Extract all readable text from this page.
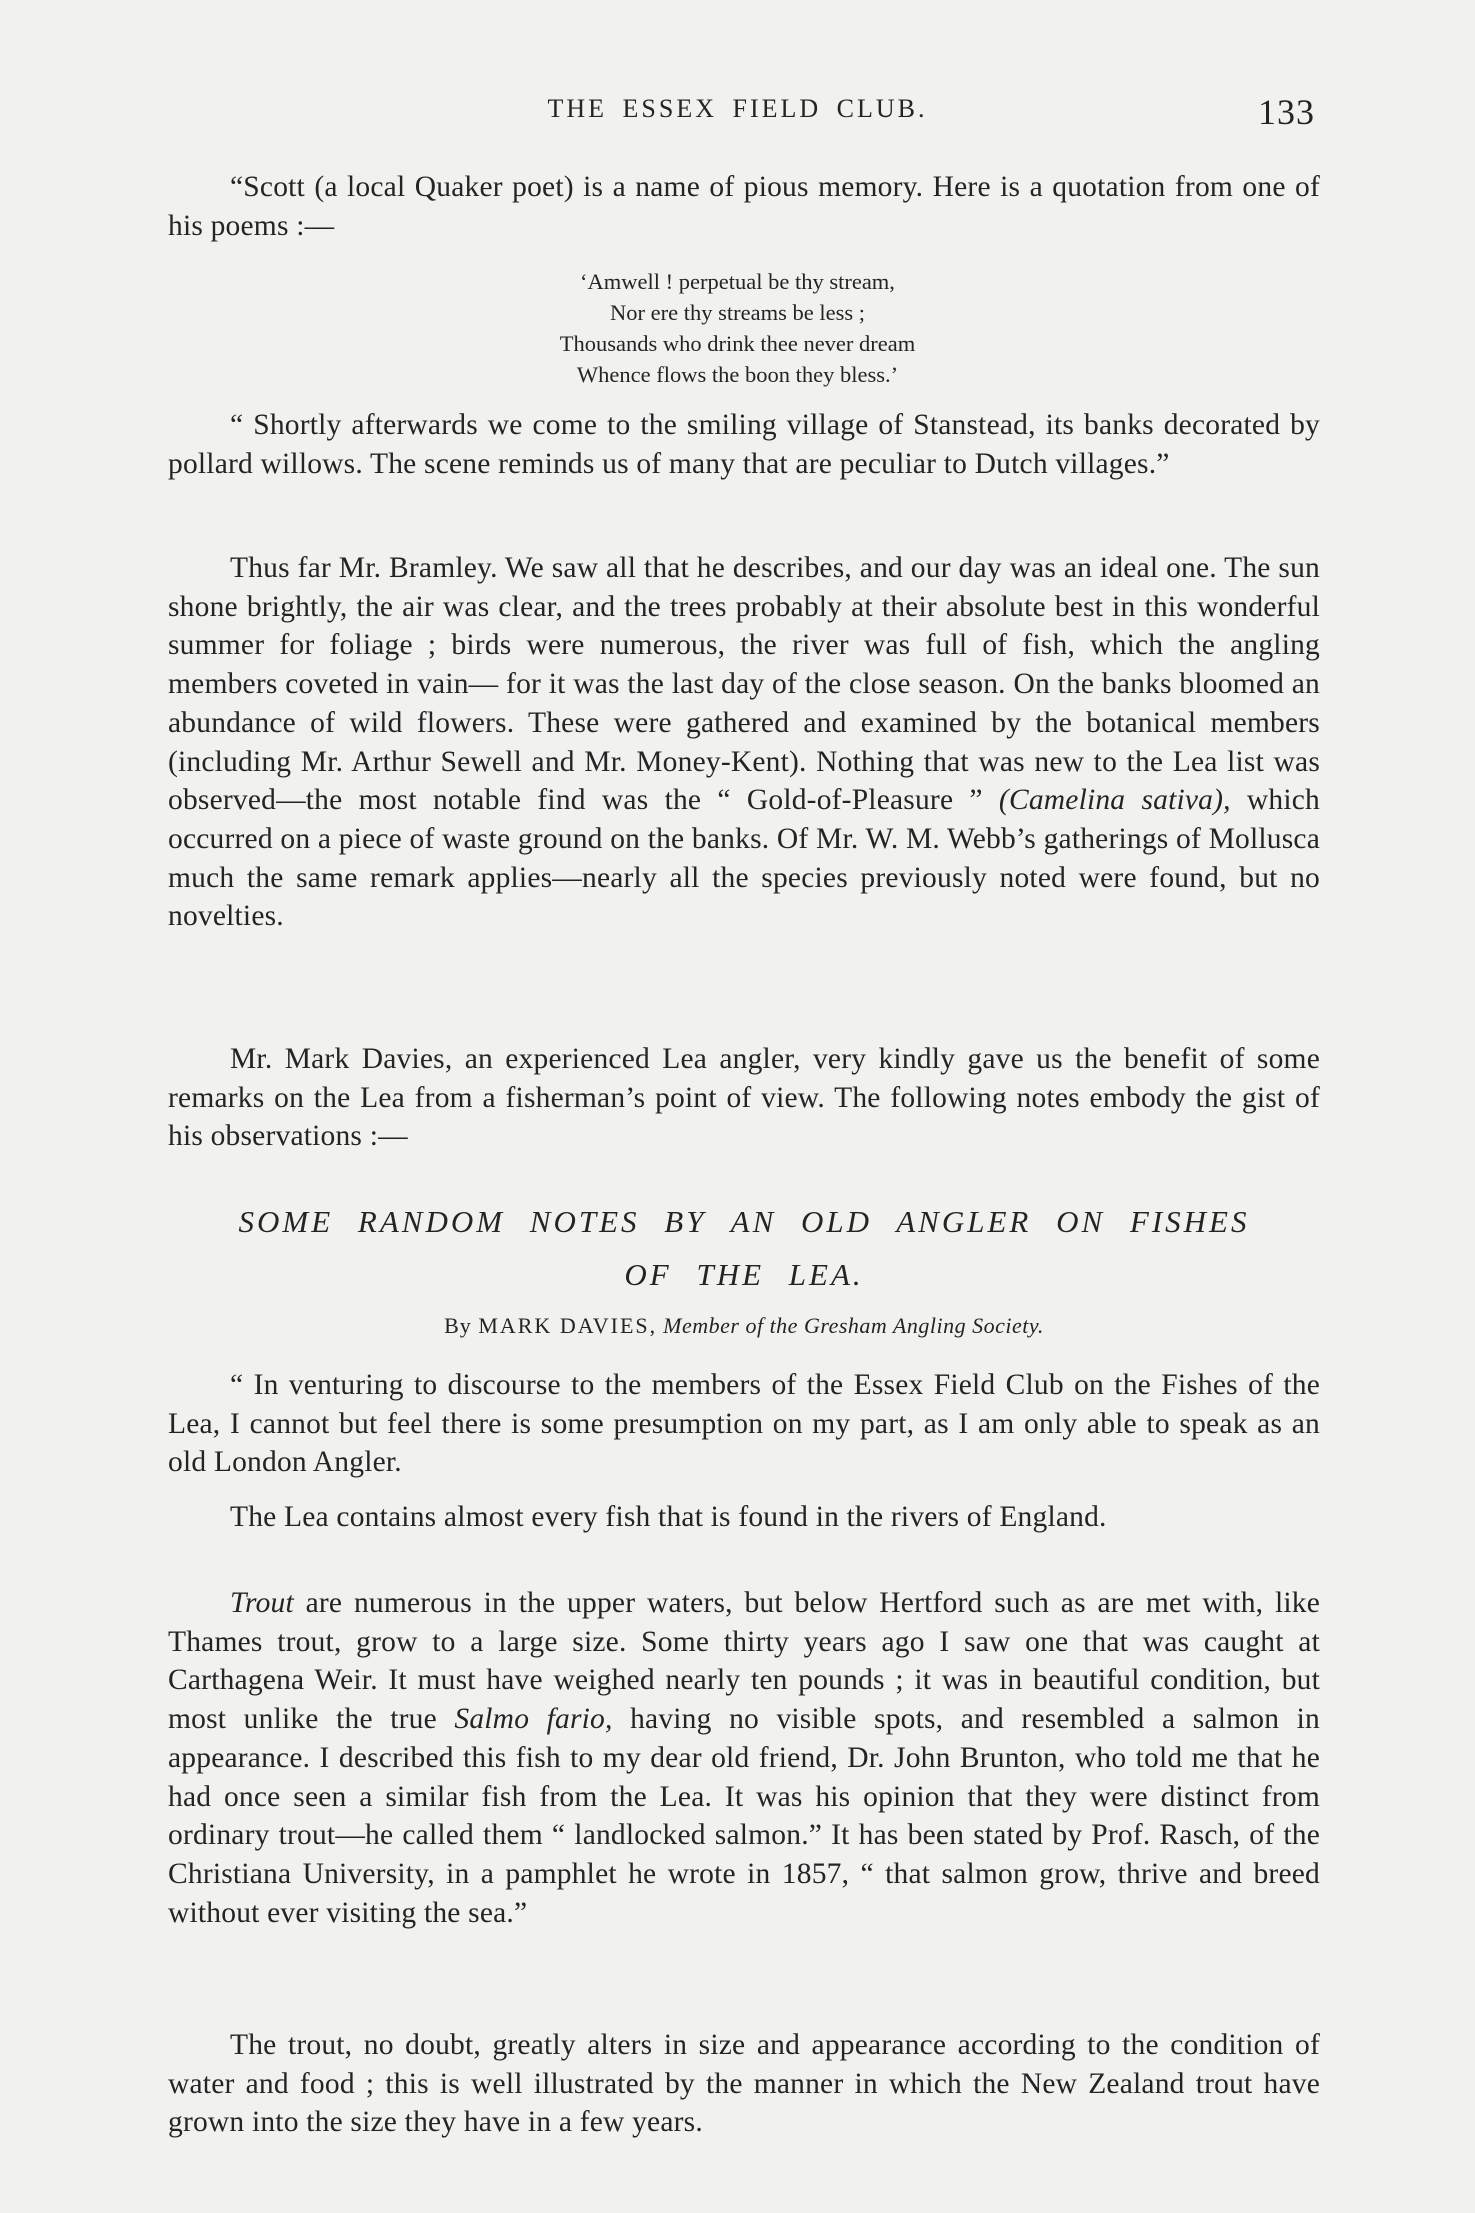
THE ESSEX FIELD CLUB.	133

“Scott (a local Quaker poet) is a name of pious memory. Here is a quotation from one of his poems :—

‘Amwell ! perpetual be thy stream,
Nor ere thy streams be less ;
Thousands who drink thee never dream
Whence flows the boon they bless.’

“ Shortly afterwards we come to the smiling village of Stanstead, its banks decorated by pollard willows. The scene reminds us of many that are peculiar to Dutch villages.”

Thus far Mr. Bramley. We saw all that he describes, and our day was an ideal one. The sun shone brightly, the air was clear, and the trees probably at their absolute best in this wonderful summer for foliage ; birds were numerous, the river was full of fish, which the angling members coveted in vain— for it was the last day of the close season. On the banks bloomed an abundance of wild flowers. These were gathered and examined by the botanical members (including Mr. Arthur Sewell and Mr. Money-Kent). Nothing that was new to the Lea list was observed—the most notable find was the “ Gold-of-Pleasure ” (Camelina sativa), which occurred on a piece of waste ground on the banks. Of Mr. W. M. Webb’s gatherings of Mollusca much the same remark applies—nearly all the species previously noted were found, but no novelties.

Mr. Mark Davies, an experienced Lea angler, very kindly gave us the benefit of some remarks on the Lea from a fisherman’s point of view. The following notes embody the gist of his observations :—

SOME RANDOM NOTES BY AN OLD ANGLER ON FISHES
OF THE LEA.
By MARK DAVIES, Member of the Gresham Angling Society.

“ In venturing to discourse to the members of the Essex Field Club on the Fishes of the Lea, I cannot but feel there is some presumption on my part, as I am only able to speak as an old London Angler.

The Lea contains almost every fish that is found in the rivers of England.

Trout are numerous in the upper waters, but below Hertford such as are met with, like Thames trout, grow to a large size. Some thirty years ago I saw one that was caught at Carthagena Weir. It must have weighed nearly ten pounds ; it was in beautiful condition, but most unlike the true Salmo fario, having no visible spots, and resembled a salmon in appearance. I described this fish to my dear old friend, Dr. John Brunton, who told me that he had once seen a similar fish from the Lea. It was his opinion that they were distinct from ordinary trout—he called them “ landlocked salmon.” It has been stated by Prof. Rasch, of the Christiana University, in a pamphlet he wrote in 1857, “ that salmon grow, thrive and breed without ever visiting the sea.”

The trout, no doubt, greatly alters in size and appearance according to the condition of water and food ; this is well illustrated by the manner in which the New Zealand trout have grown into the size they have in a few years.
